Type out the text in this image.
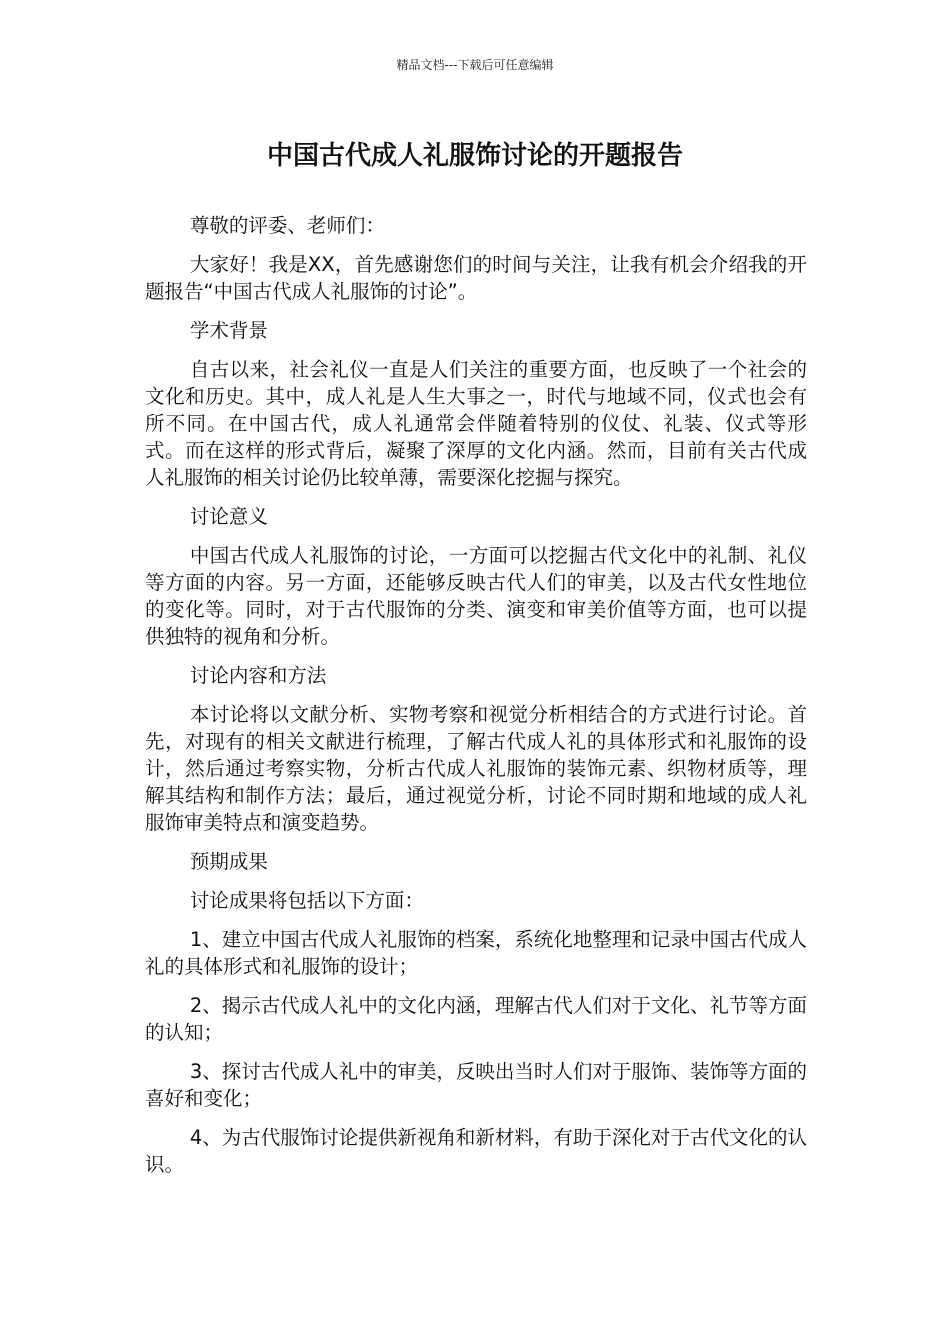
精品文档---下载后可任意编辑
中国古代成人礼服饰讨论的开题报告

尊敬的评委、老师们：

大家好！我是XX，首先感谢您们的时间与关注，让我有机会介绍我的开题报告“中国古代成人礼服饰的讨论”。

学术背景

自古以来，社会礼仪一直是人们关注的重要方面，也反映了一个社会的文化和历史。其中，成人礼是人生大事之一，时代与地域不同，仪式也会有所不同。在中国古代，成人礼通常会伴随着特别的仪仗、礼装、仪式等形式。而在这样的形式背后，凝聚了深厚的文化内涵。然而，目前有关古代成人礼服饰的相关讨论仍比较单薄，需要深化挖掘与探究。

讨论意义

中国古代成人礼服饰的讨论，一方面可以挖掘古代文化中的礼制、礼仪等方面的内容。另一方面，还能够反映古代人们的审美，以及古代女性地位的变化等。同时，对于古代服饰的分类、演变和审美价值等方面，也可以提供独特的视角和分析。

讨论内容和方法

本讨论将以文献分析、实物考察和视觉分析相结合的方式进行讨论。首先，对现有的相关文献进行梳理，了解古代成人礼的具体形式和礼服饰的设计，然后通过考察实物，分析古代成人礼服饰的装饰元素、织物材质等，理解其结构和制作方法；最后，通过视觉分析，讨论不同时期和地域的成人礼服饰审美特点和演变趋势。

预期成果

讨论成果将包括以下方面：

1、建立中国古代成人礼服饰的档案，系统化地整理和记录中国古代成人礼的具体形式和礼服饰的设计；

2、揭示古代成人礼中的文化内涵，理解古代人们对于文化、礼节等方面的认知；

3、探讨古代成人礼中的审美，反映出当时人们对于服饰、装饰等方面的喜好和变化；

4、为古代服饰讨论提供新视角和新材料，有助于深化对于古代文化的认识。
